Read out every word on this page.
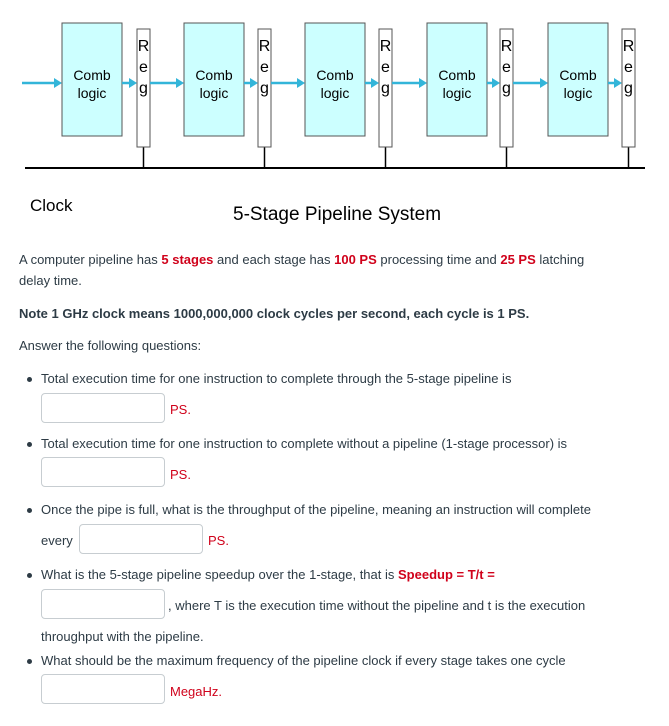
Comb
logic
R
e
g
Comb
logic
R
e
g
Comb
logic
R
e
g
Comb
logic
R
e
g
Comb
logic
R
e
g
Clock	5-Stage Pipeline System
A computer pipeline has 5 stages and each stage has 100 PS processing time and 25 PS latching
delay time.
Note 1 GHz clock means 1000,000,000 clock cycles per second, each cycle is 1 PS.
Answer the following questions:
Total execution time for one instruction to complete through the 5-stage pipeline is
PS.
Total execution time for one instruction to complete without a pipeline (1-stage processor) is
PS.
Once the pipe is full, what is the throughput of the pipeline, meaning an instruction will complete
every	PS.
What is the 5-stage pipeline speedup over the 1-stage, that is Speedup = T/t =
, where T is the execution time without the pipeline and t is the execution
throughput with the pipeline.
What should be the maximum frequency of the pipeline clock if every stage takes one cycle
MegaHz.
